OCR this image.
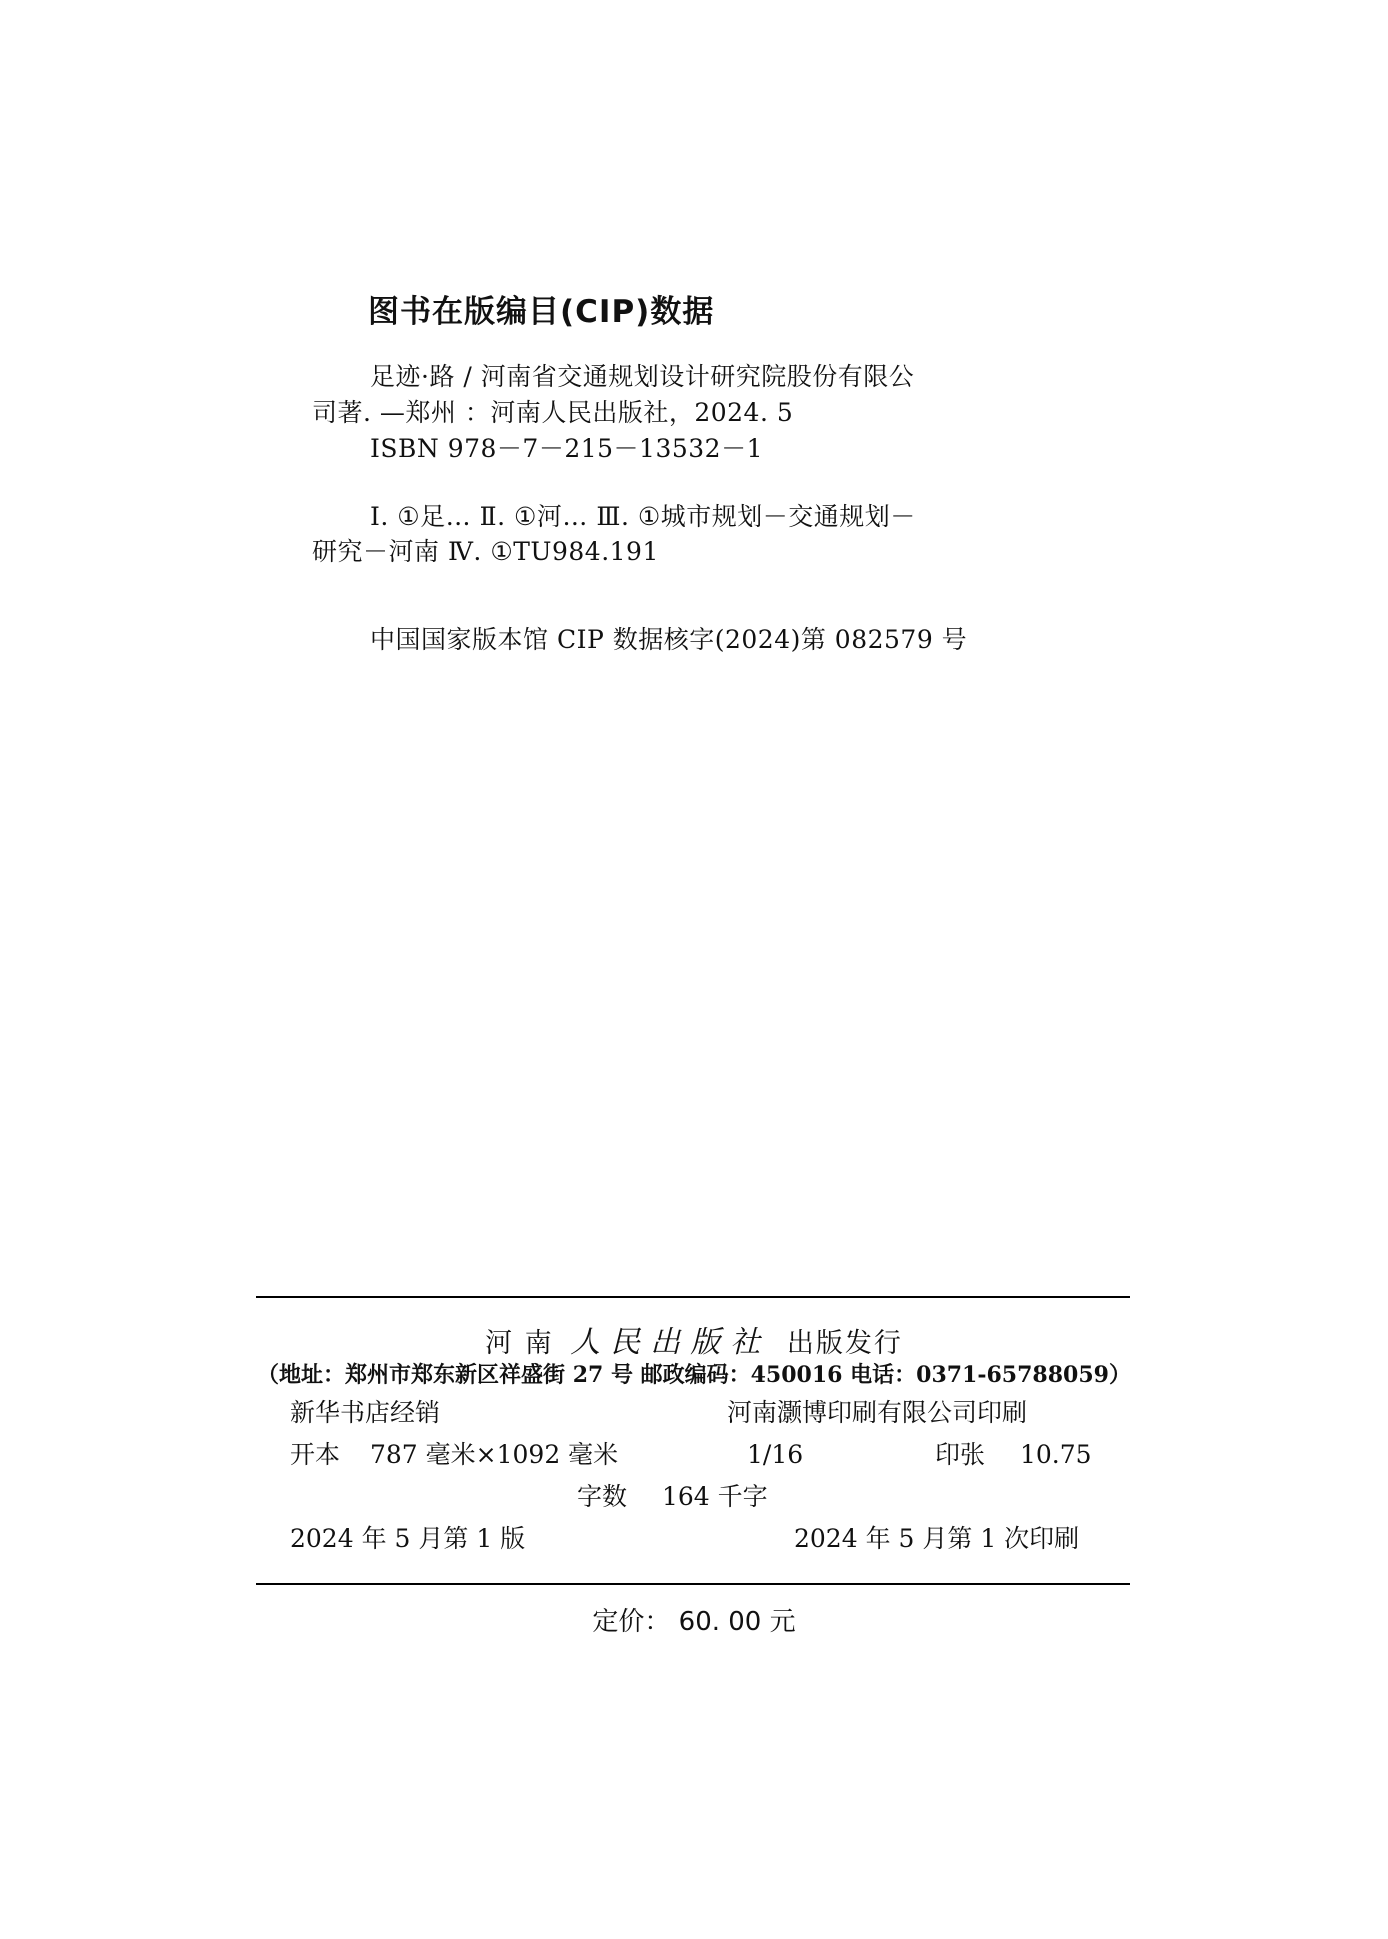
图书在版编目(CIP)数据
足迹·路 / 河南省交通规划设计研究院股份有限公
司著. —郑州 ：河南人民出版社，2024. 5
ISBN 978－7－215－13532－1
Ⅰ. ①足… Ⅱ. ①河… Ⅲ. ①城市规划－交通规划－
研究－河南 Ⅳ. ①TU984.191
中国国家版本馆 CIP 数据核字(2024)第 082579 号
河 南 人民出版社 出版发行
（地址：郑州市郑东新区祥盛街 27 号 邮政编码：450016 电话：0371-65788059）
新华书店经销	河南灏博印刷有限公司印刷
开本 787 毫米×1092 毫米	1/16	印张 10.75
字数 164 千字
2024 年 5 月第 1 版	2024 年 5 月第 1 次印刷
定价： 60. 00 元
